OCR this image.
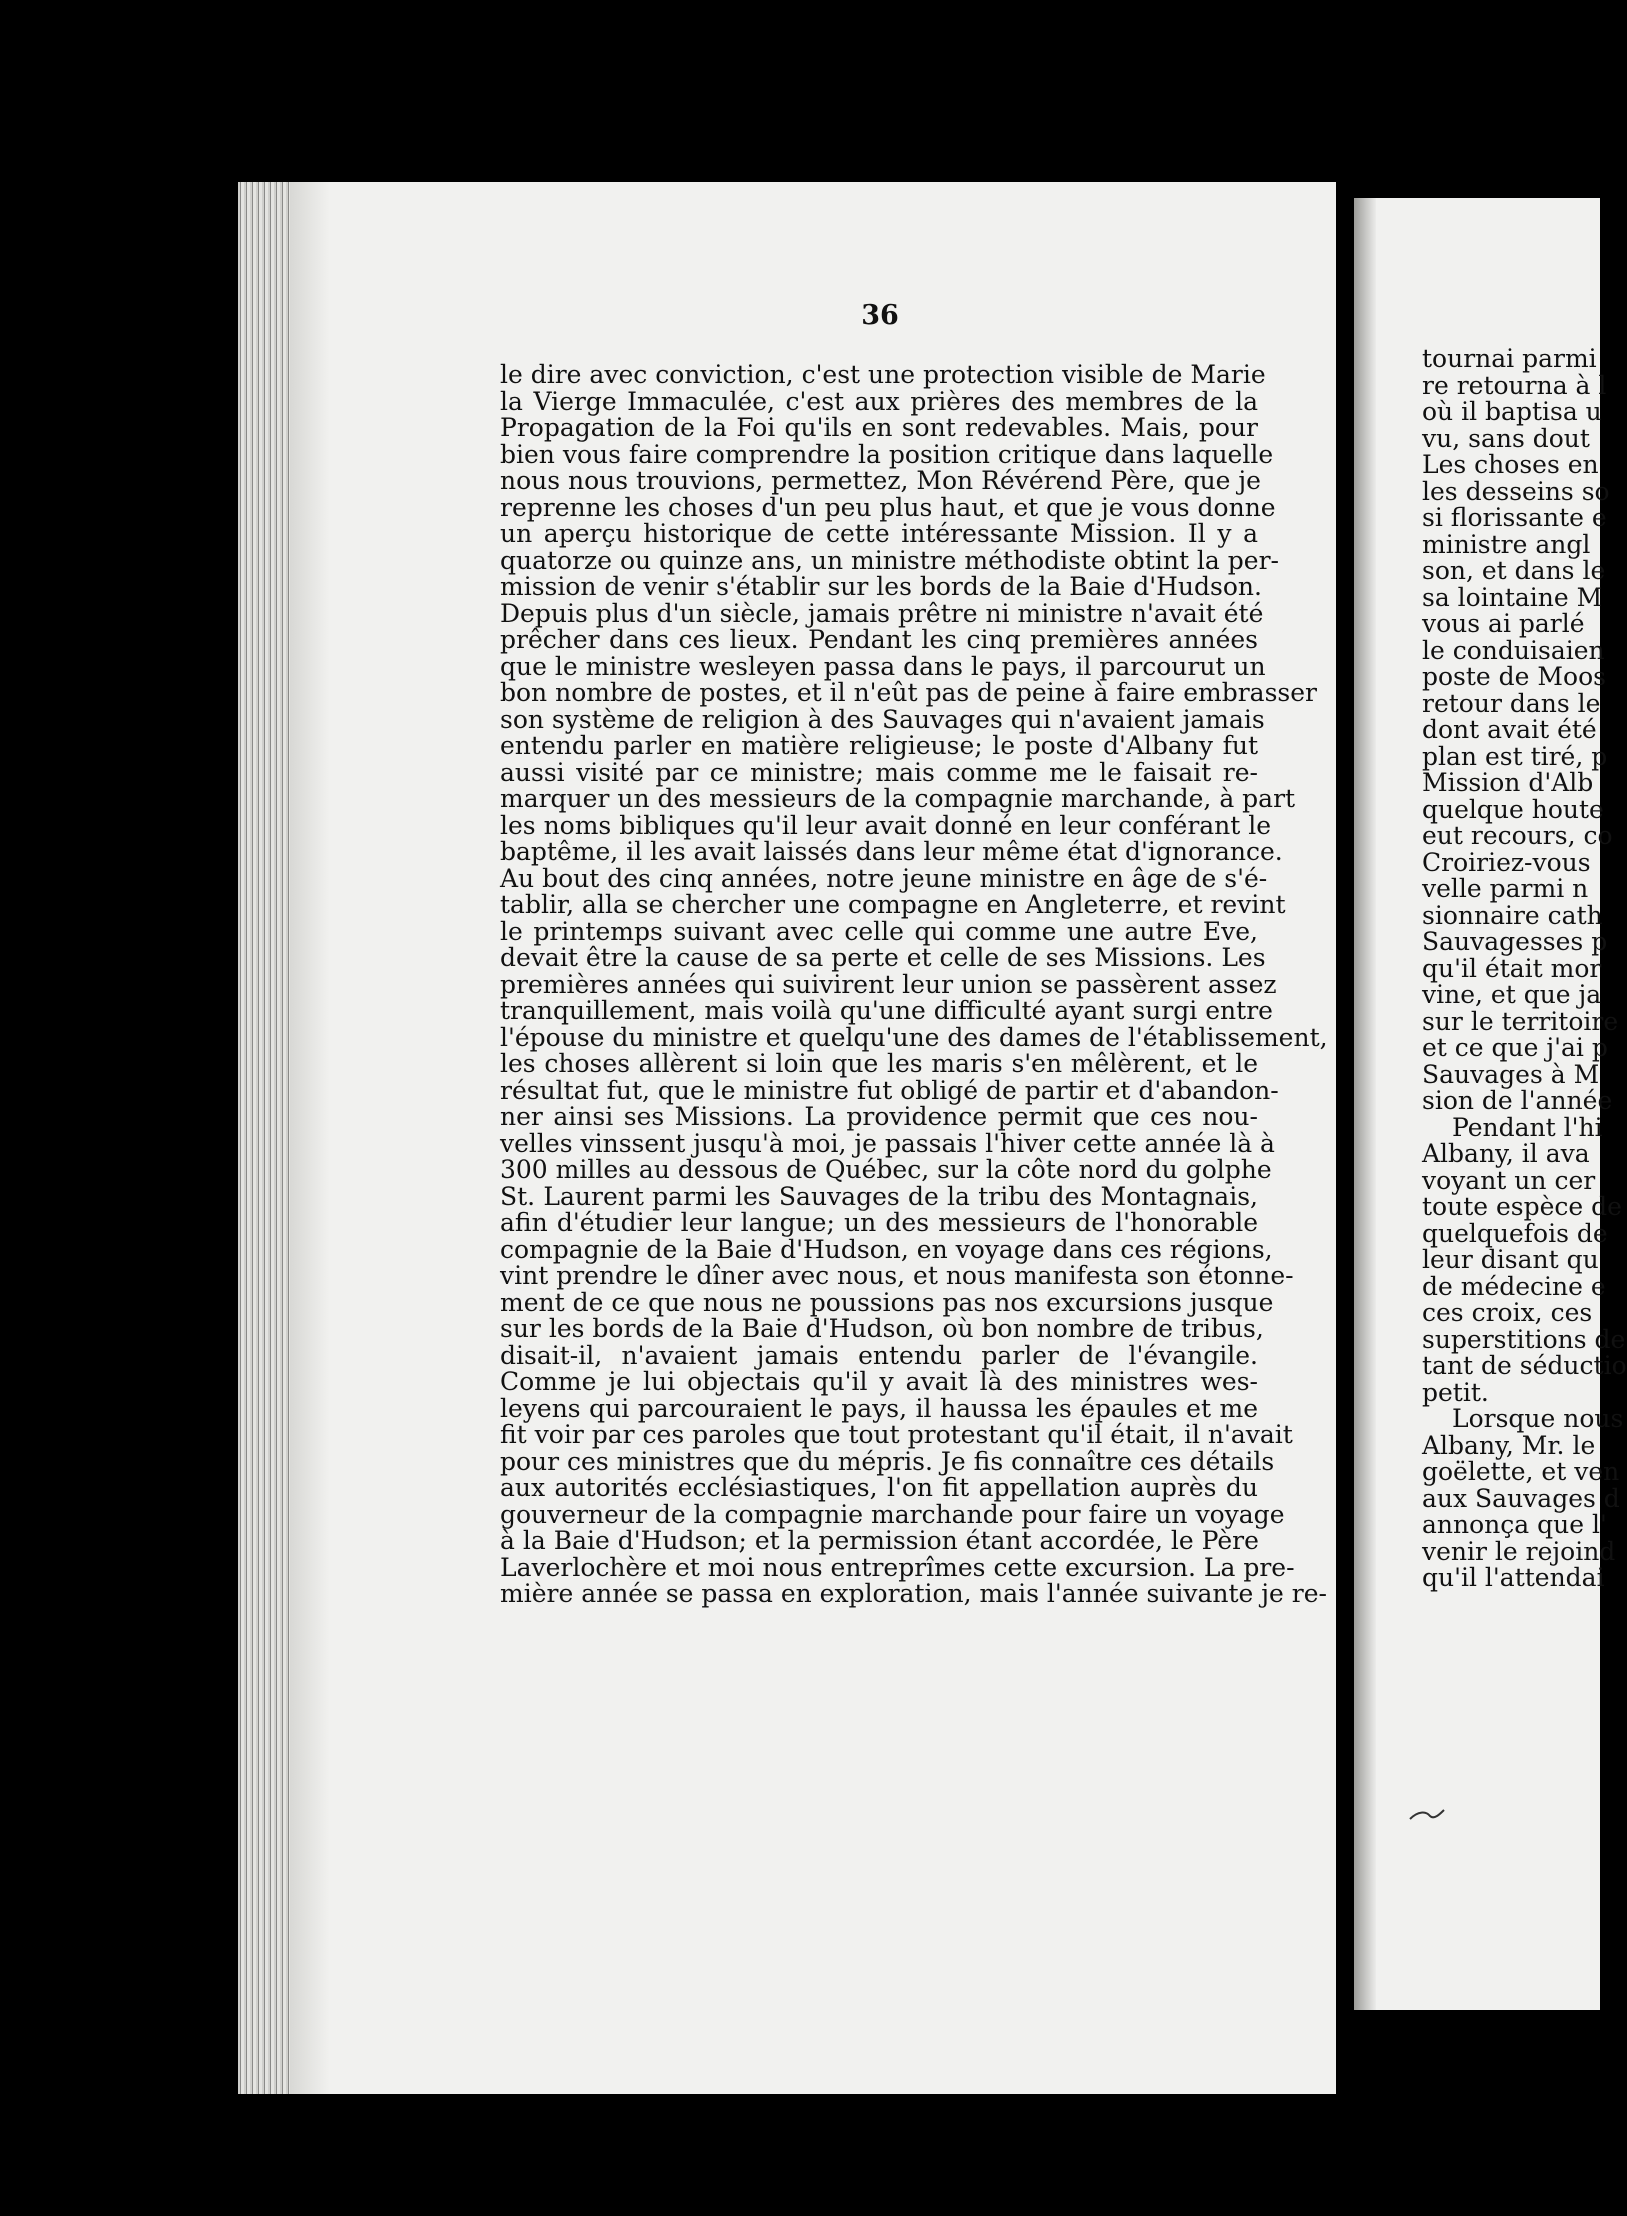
36
le dire avec conviction, c'est une protection visible de Marie
la Vierge Immaculée, c'est aux prières des membres de la
Propagation de la Foi qu'ils en sont redevables. Mais, pour
bien vous faire comprendre la position critique dans laquelle
nous nous trouvions, permettez, Mon Révérend Père, que je
reprenne les choses d'un peu plus haut, et que je vous donne
un aperçu historique de cette intéressante Mission. Il y a
quatorze ou quinze ans, un ministre méthodiste obtint la per-
mission de venir s'établir sur les bords de la Baie d'Hudson.
Depuis plus d'un siècle, jamais prêtre ni ministre n'avait été
prêcher dans ces lieux. Pendant les cinq premières années
que le ministre wesleyen passa dans le pays, il parcourut un
bon nombre de postes, et il n'eût pas de peine à faire embrasser
son système de religion à des Sauvages qui n'avaient jamais
entendu parler en matière religieuse; le poste d'Albany fut
aussi visité par ce ministre; mais comme me le faisait re-
marquer un des messieurs de la compagnie marchande, à part
les noms bibliques qu'il leur avait donné en leur conférant le
baptême, il les avait laissés dans leur même état d'ignorance.
Au bout des cinq années, notre jeune ministre en âge de s'é-
tablir, alla se chercher une compagne en Angleterre, et revint
le printemps suivant avec celle qui comme une autre Eve,
devait être la cause de sa perte et celle de ses Missions. Les
premières années qui suivirent leur union se passèrent assez
tranquillement, mais voilà qu'une difficulté ayant surgi entre
l'épouse du ministre et quelqu'une des dames de l'établissement,
les choses allèrent si loin que les maris s'en mêlèrent, et le
résultat fut, que le ministre fut obligé de partir et d'abandon-
ner ainsi ses Missions. La providence permit que ces nou-
velles vinssent jusqu'à moi, je passais l'hiver cette année là à
300 milles au dessous de Québec, sur la côte nord du golphe
St. Laurent parmi les Sauvages de la tribu des Montagnais,
afin d'étudier leur langue; un des messieurs de l'honorable
compagnie de la Baie d'Hudson, en voyage dans ces régions,
vint prendre le dîner avec nous, et nous manifesta son étonne-
ment de ce que nous ne poussions pas nos excursions jusque
sur les bords de la Baie d'Hudson, où bon nombre de tribus,
disait-il, n'avaient jamais entendu parler de l'évangile.
Comme je lui objectais qu'il y avait là des ministres wes-
leyens qui parcouraient le pays, il haussa les épaules et me
fit voir par ces paroles que tout protestant qu'il était, il n'avait
pour ces ministres que du mépris. Je fis connaître ces détails
aux autorités ecclésiastiques, l'on fit appellation auprès du
gouverneur de la compagnie marchande pour faire un voyage
à la Baie d'Hudson; et la permission étant accordée, le Père
Laverlochère et moi nous entreprîmes cette excursion. La pre-
mière année se passa en exploration, mais l'année suivante je re-
tournai parmi
re retourna à l
où il baptisa u
vu, sans dout
Les choses en
les desseins so
si florissante e
ministre angl
son, et dans le
sa lointaine M
vous ai parlé
le conduisaien
poste de Moos
retour dans le
dont avait été
plan est tiré, p
Mission d'Alb
quelque houte
eut recours, co
Croiriez-vous
velle parmi n
sionnaire cath
Sauvagesses p
qu'il était mor
vine, et que ja
sur le territoire
et ce que j'ai p
Sauvages à M
sion de l'année
Pendant l'hi
Albany, il ava
voyant un cer
toute espèce de
quelquefois de
leur disant qu
de médecine e
ces croix, ces
superstitions de
tant de séductio
petit.
Lorsque nous
Albany, Mr. le
goëlette, et ven
aux Sauvages d
annonça que l'
venir le rejoind
qu'il l'attendai
